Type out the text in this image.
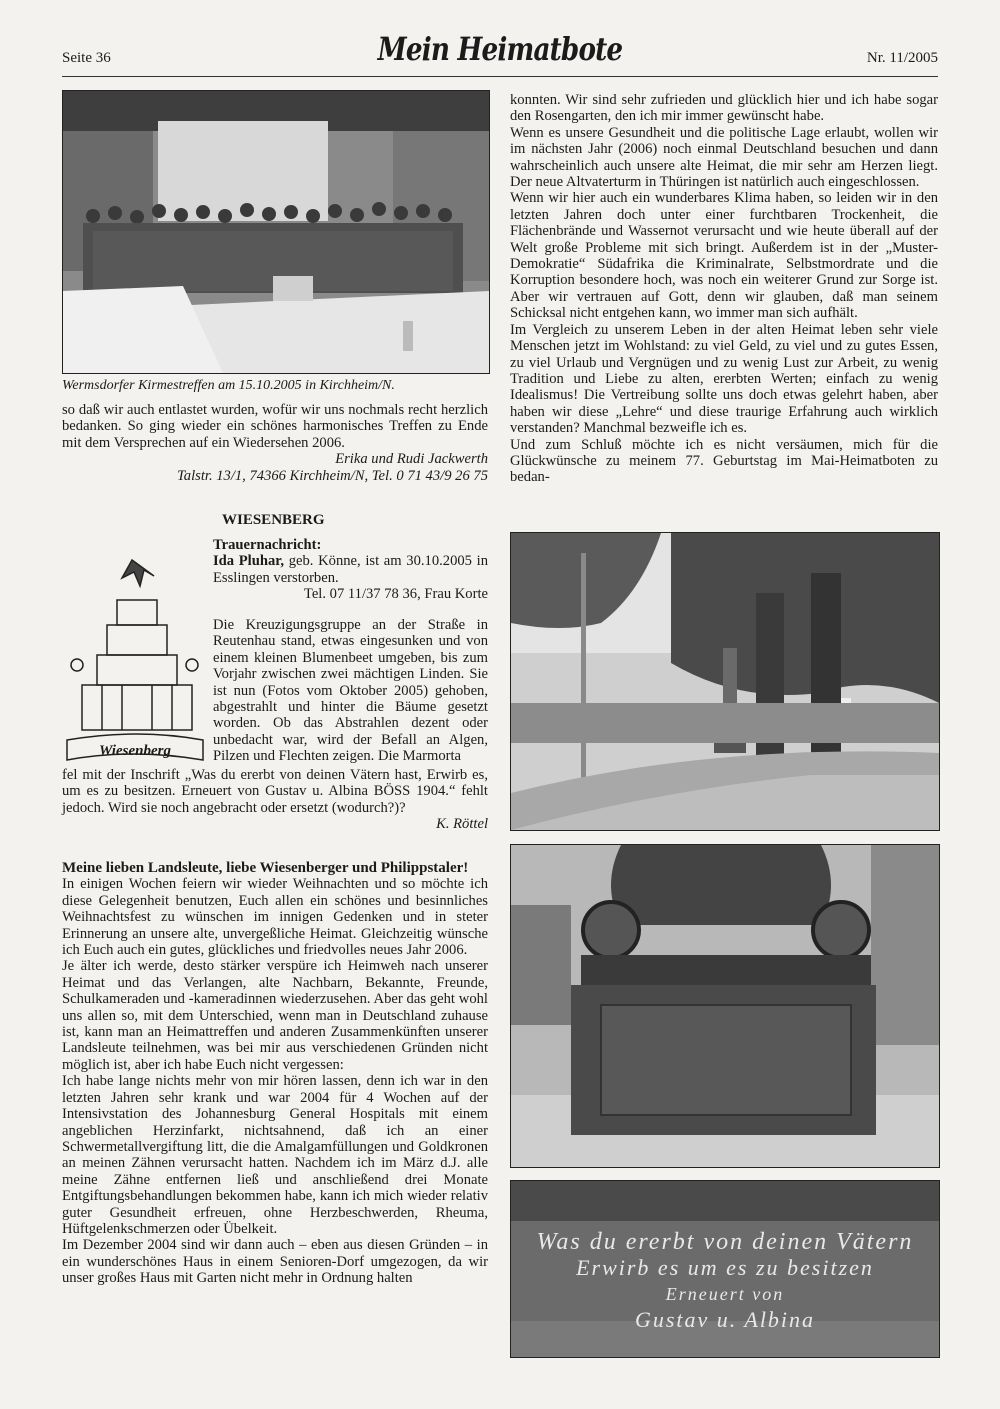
Seite 36	Mein Heimatbote	Nr. 11/2005
Wermsdorfer Kirmestreffen am 15.10.2005 in Kirchheim/N.

so daß wir auch entlastet wurden, wofür wir uns nochmals recht herzlich bedanken. So ging wieder ein schönes harmonisches Treffen zu Ende mit dem Versprechen auf ein Wiedersehen 2006.

Erika und Rudi Jackwerth

Talstr. 13/1, 74366 Kirchheim/N, Tel. 0 71 43/9 26 75

Wiesenberg
WIESENBERG

Trauernachricht:

Ida Pluhar, geb. Könne, ist am 30.10.2005 in Esslingen verstorben.

Tel. 07 11/37 78 36, Frau Korte

Die Kreuzigungsgruppe an der Straße in Reutenhau stand, etwas eingesunken und von einem kleinen Blumenbeet umgeben, bis zum Vorjahr zwischen zwei mächtigen Linden. Sie ist nun (Fotos vom Oktober 2005) gehoben, abgestrahlt und hinter die Bäume gesetzt worden. Ob das Abstrahlen dezent oder unbedacht war, wird der Befall an Algen, Pilzen und Flechten zeigen. Die Marmorta

fel mit der Inschrift „Was du ererbt von deinen Vätern hast, Erwirb es, um es zu besitzen. Erneuert von Gustav u. Albina BÖSS 1904.“ fehlt jedoch. Wird sie noch angebracht oder ersetzt (wodurch?)?

K. Röttel

Meine lieben Landsleute, liebe Wiesenberger und Philippstaler!

In einigen Wochen feiern wir wieder Weihnachten und so möchte ich diese Gelegenheit benutzen, Euch allen ein schönes und besinnliches Weihnachtsfest zu wünschen im innigen Gedenken und in steter Erinnerung an unsere alte, unvergeßliche Heimat. Gleichzeitig wünsche ich Euch auch ein gutes, glückliches und friedvolles neues Jahr 2006.

Je älter ich werde, desto stärker verspüre ich Heimweh nach unserer Heimat und das Verlangen, alte Nachbarn, Bekannte, Freunde, Schulkameraden und -kameradinnen wiederzusehen. Aber das geht wohl uns allen so, mit dem Unterschied, wenn man in Deutschland zuhause ist, kann man an Heimattreffen und anderen Zusammenkünften unserer Landsleute teilnehmen, was bei mir aus verschiedenen Gründen nicht möglich ist, aber ich habe Euch nicht vergessen:

Ich habe lange nichts mehr von mir hören lassen, denn ich war in den letzten Jahren sehr krank und war 2004 für 4 Wochen auf der Intensivstation des Johannesburg General Hospitals mit einem angeblichen Herzinfarkt, nichtsahnend, daß ich an einer Schwermetallvergiftung litt, die die Amalgamfüllungen und Goldkronen an meinen Zähnen verursacht hatten. Nachdem ich im März d.J. alle meine Zähne entfernen ließ und anschließend drei Monate Entgiftungsbehandlungen bekommen habe, kann ich mich wieder relativ guter Gesundheit erfreuen, ohne Herzbeschwerden, Rheuma, Hüftgelenkschmerzen oder Übelkeit.

Im Dezember 2004 sind wir dann auch – eben aus diesen Gründen – in ein wunderschönes Haus in einem Senioren-Dorf umgezogen, da wir unser großes Haus mit Garten nicht mehr in Ordnung halten

konnten. Wir sind sehr zufrieden und glücklich hier und ich habe sogar den Rosengarten, den ich mir immer gewünscht habe.

Wenn es unsere Gesundheit und die politische Lage erlaubt, wollen wir im nächsten Jahr (2006) noch einmal Deutschland besuchen und dann wahrscheinlich auch unsere alte Heimat, die mir sehr am Herzen liegt. Der neue Altvaterturm in Thüringen ist natürlich auch eingeschlossen.

Wenn wir hier auch ein wunderbares Klima haben, so leiden wir in den letzten Jahren doch unter einer furchtbaren Trockenheit, die Flächenbrände und Wassernot verursacht und wie heute überall auf der Welt große Probleme mit sich bringt. Außerdem ist in der „Muster-Demokratie“ Südafrika die Kriminalrate, Selbstmordrate und die Korruption besondere hoch, was noch ein weiterer Grund zur Sorge ist. Aber wir vertrauen auf Gott, denn wir glauben, daß man seinem Schicksal nicht entgehen kann, wo immer man sich aufhält.

Im Vergleich zu unserem Leben in der alten Heimat leben sehr viele Menschen jetzt im Wohlstand: zu viel Geld, zu viel und zu gutes Essen, zu viel Urlaub und Vergnügen und zu wenig Lust zur Arbeit, zu wenig Tradition und Liebe zu alten, ererbten Werten; einfach zu wenig Idealismus! Die Vertreibung sollte uns doch etwas gelehrt haben, aber haben wir diese „Lehre“ und diese traurige Erfahrung auch wirklich verstanden? Manchmal bezweifle ich es.

Und zum Schluß möchte ich es nicht versäumen, mich für die Glückwünsche zu meinem 77. Geburtstag im Mai-Heimatboten zu bedan-

Was du ererbt von deinen Vätern
Erwirb es um es zu besitzen
Erneuert von
Gustav u. Albina
